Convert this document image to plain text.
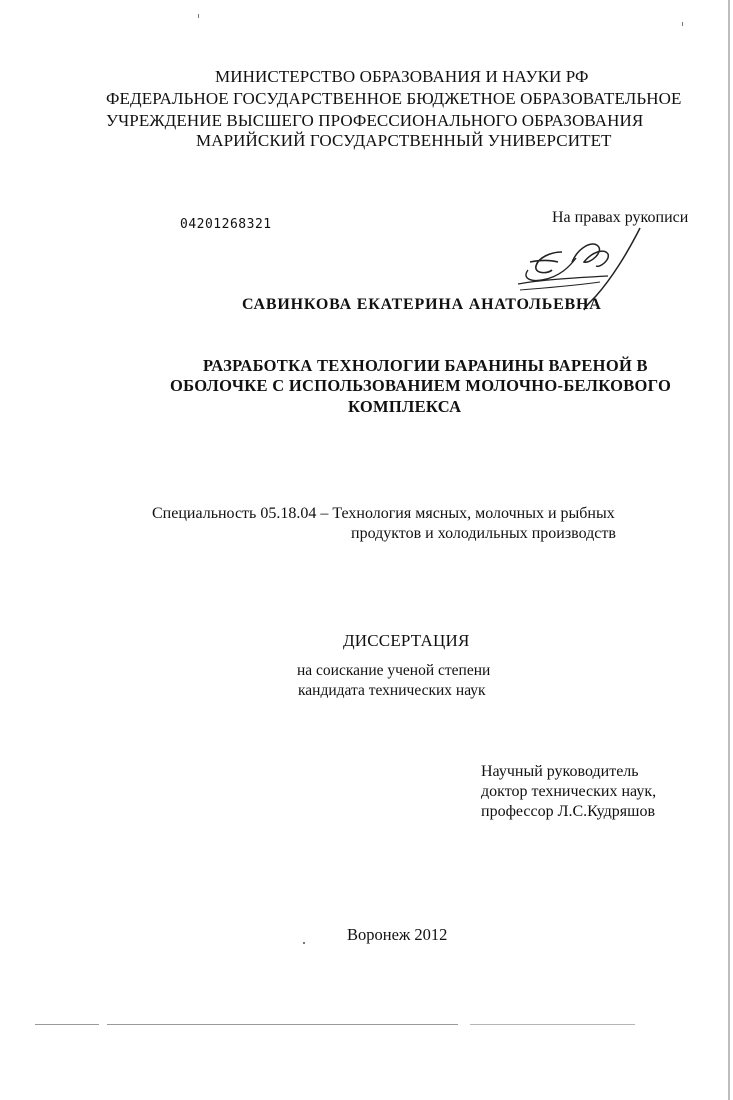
МИНИСТЕРСТВО ОБРАЗОВАНИЯ И НАУКИ РФ
ФЕДЕРАЛЬНОЕ ГОСУДАРСТВЕННОЕ БЮДЖЕТНОЕ ОБРАЗОВАТЕЛЬНОЕ
УЧРЕЖДЕНИЕ ВЫСШЕГО ПРОФЕССИОНАЛЬНОГО ОБРАЗОВАНИЯ
МАРИЙСКИЙ ГОСУДАРСТВЕННЫЙ УНИВЕРСИТЕТ
04201268321	На правах рукописи
САВИНКОВА ЕКАТЕРИНА АНАТОЛЬЕВНА
РАЗРАБОТКА ТЕХНОЛОГИИ БАРАНИНЫ ВАРЕНОЙ В
ОБОЛОЧКЕ С ИСПОЛЬЗОВАНИЕМ МОЛОЧНО-БЕЛКОВОГО
КОМПЛЕКСА
Специальность 05.18.04 – Технология мясных, молочных и рыбных
продуктов и холодильных производств
ДИССЕРТАЦИЯ
на соискание ученой степени
кандидата технических наук
Научный руководитель
доктор технических наук,
профессор Л.С.Кудряшов
Воронеж 2012
